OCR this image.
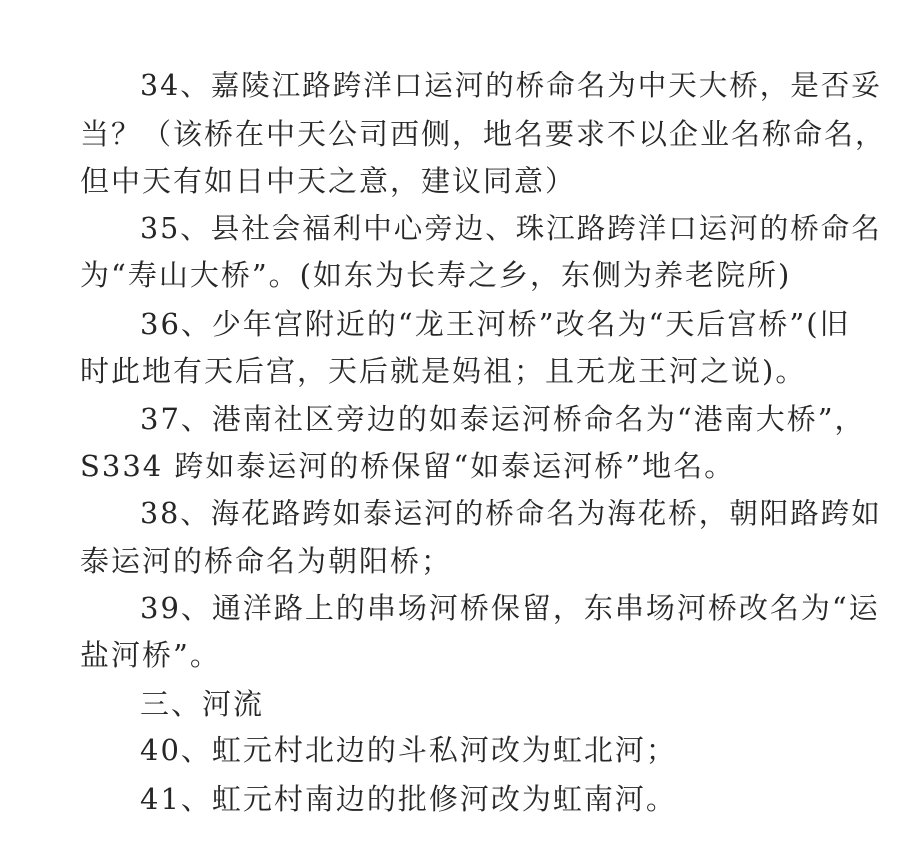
34、嘉陵江路跨洋口运河的桥命名为中天大桥，是否妥
当？（该桥在中天公司西侧，地名要求不以企业名称命名，
但中天有如日中天之意，建议同意）
35、县社会福利中心旁边、珠江路跨洋口运河的桥命名
为“寿山大桥”。(如东为长寿之乡，东侧为养老院所)
36、少年宫附近的“龙王河桥”改名为“天后宫桥”(旧
时此地有天后宫，天后就是妈祖；且无龙王河之说)。
37、港南社区旁边的如泰运河桥命名为“港南大桥”，
S334 跨如泰运河的桥保留“如泰运河桥”地名。
38、海花路跨如泰运河的桥命名为海花桥，朝阳路跨如
泰运河的桥命名为朝阳桥；
39、通洋路上的串场河桥保留，东串场河桥改名为“运
盐河桥”。
三、河流
40、虹元村北边的斗私河改为虹北河；
41、虹元村南边的批修河改为虹南河。
